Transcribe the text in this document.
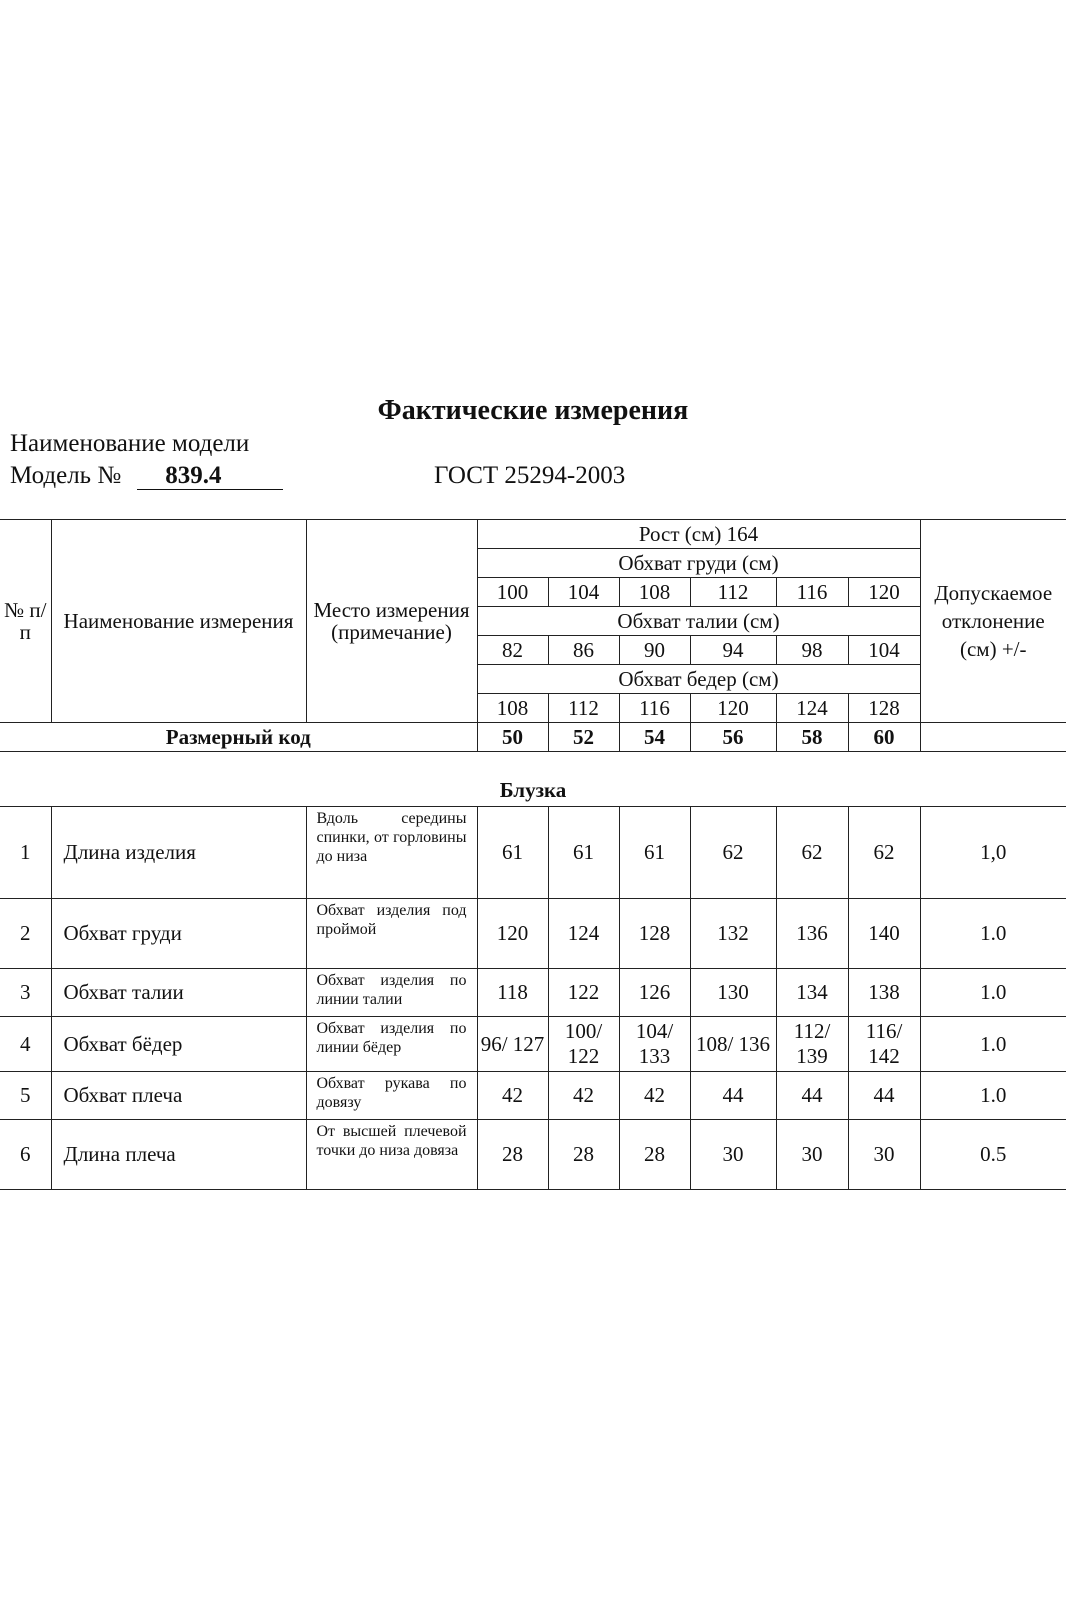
Фактические измерения
Наименование модели
Модель № 839.4	ГОСТ 25294-2003
№ п/ п	Наименование измерения	Место измерения (примечание)	Рост (см) 164						Допускаемое отклонение (см) +/-
			Обхват груди (см)						
			100	104	108	112	116	120	
			Обхват талии (см)						
			82	86	90	94	98	104	
			Обхват бедер (см)						
			108	112	116	120	124	128	
Размерный код			50	52	54	56	58	60	
Блузка
1	Длина изделия	Вдоль середины спинки, от горловины до низа	61	61	61	62	62	62	1,0
2	Обхват груди	Обхват изделия под проймой	120	124	128	132	136	140	1.0
3	Обхват талии	Обхват изделия по линии талии	118	122	126	130	134	138	1.0
4	Обхват бёдер	Обхват изделия по линии бёдер	96/ 127	100/ 122	104/ 133	108/ 136	112/ 139	116/ 142	1.0
5	Обхват плеча	Обхват рукава по довязу	42	42	42	44	44	44	1.0
6	Длина плеча	От высшей плечевой точки до низа довяза	28	28	28	30	30	30	0.5
